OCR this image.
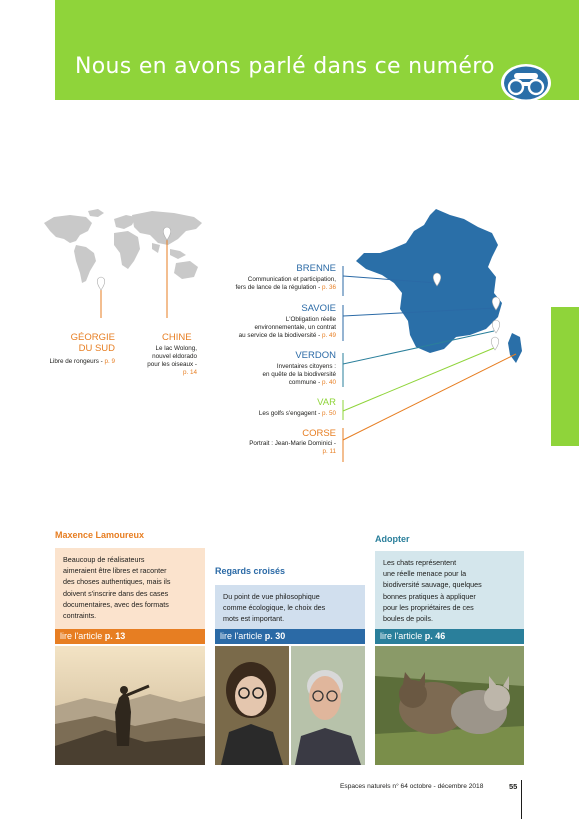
Nous en avons parlé dans ce numéro
GÉORGIE
DU SUD
Libre de rongeurs - p. 9
CHINE
Le lac Wolong,
nouvel eldorado
pour les oiseaux -
p. 14
BRENNE
Communication et participation,
fers de lance de la régulation - p. 36
SAVOIE
L'Obligation réelle
environnementale, un contrat
au service de la biodiversité - p. 49
VERDON
Inventaires citoyens :
en quête de la biodiversité
commune - p. 40
VAR
Les golfs s'engagent - p. 50
CORSE
Portrait : Jean-Marie Dominici -
p. 11
Maxence Lamoureux
Beaucoup de réalisateurs
aimeraient être libres et raconter
des choses authentiques, mais ils
doivent s'inscrire dans des cases
documentaires, avec des formats
contraints.
lire l'article p. 13
Regards croisés
Du point de vue philosophique
comme écologique, le choix des
mots est important.
lire l'article p. 30
Adopter
Les chats représentent
une réelle menace pour la
biodiversité sauvage, quelques
bonnes pratiques à appliquer
pour les propriétaires de ces
boules de poils.
lire l'article p. 46
Espaces naturels n° 64 octobre - décembre 2018	55
